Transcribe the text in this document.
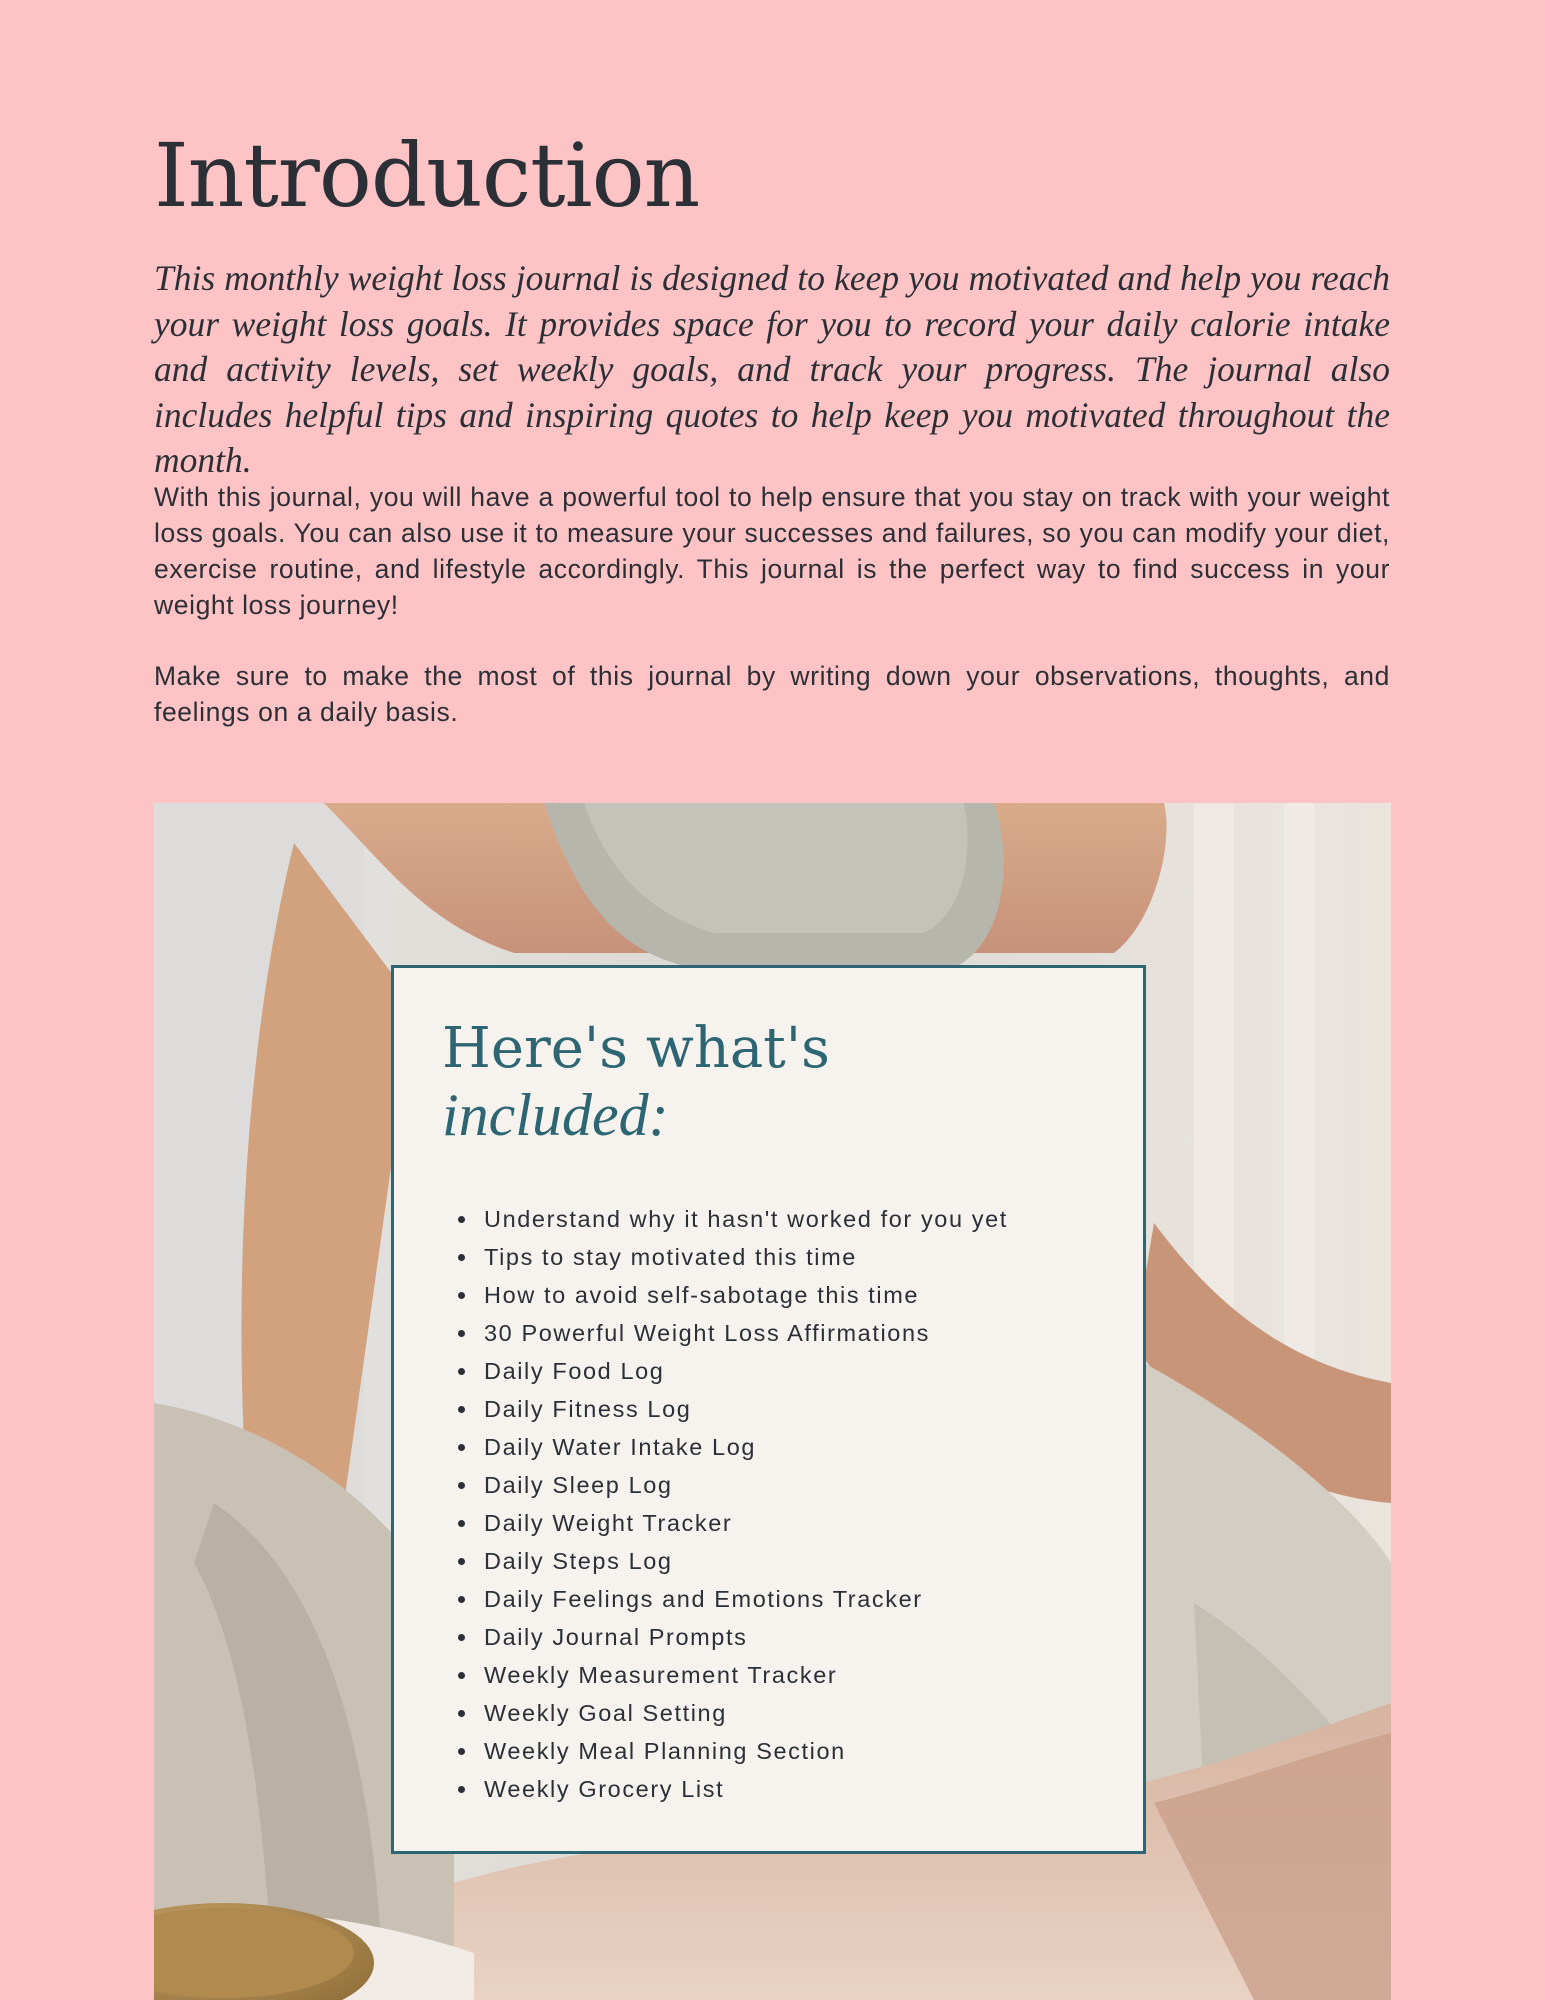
Introduction

This monthly weight loss journal is designed to keep you motivated and help you reach your weight loss goals. It provides space for you to record your daily calorie intake and activity levels, set weekly goals, and track your progress. The journal also includes helpful tips and inspiring quotes to help keep you motivated throughout the month.

With this journal, you will have a powerful tool to help ensure that you stay on track with your weight loss goals. You can also use it to measure your successes and failures, so you can modify your diet, exercise routine, and lifestyle accordingly. This journal is the perfect way to find success in your weight loss journey!

Make sure to make the most of this journal by writing down your observations, thoughts, and feelings on a daily basis.

Here's what's
included:
Understand why it hasn't worked for you yet
Tips to stay motivated this time
How to avoid self-sabotage this time
30 Powerful Weight Loss Affirmations
Daily Food Log
Daily Fitness Log
Daily Water Intake Log
Daily Sleep Log
Daily Weight Tracker
Daily Steps Log
Daily Feelings and Emotions Tracker
Daily Journal Prompts
Weekly Measurement Tracker
Weekly Goal Setting
Weekly Meal Planning Section
Weekly Grocery List
